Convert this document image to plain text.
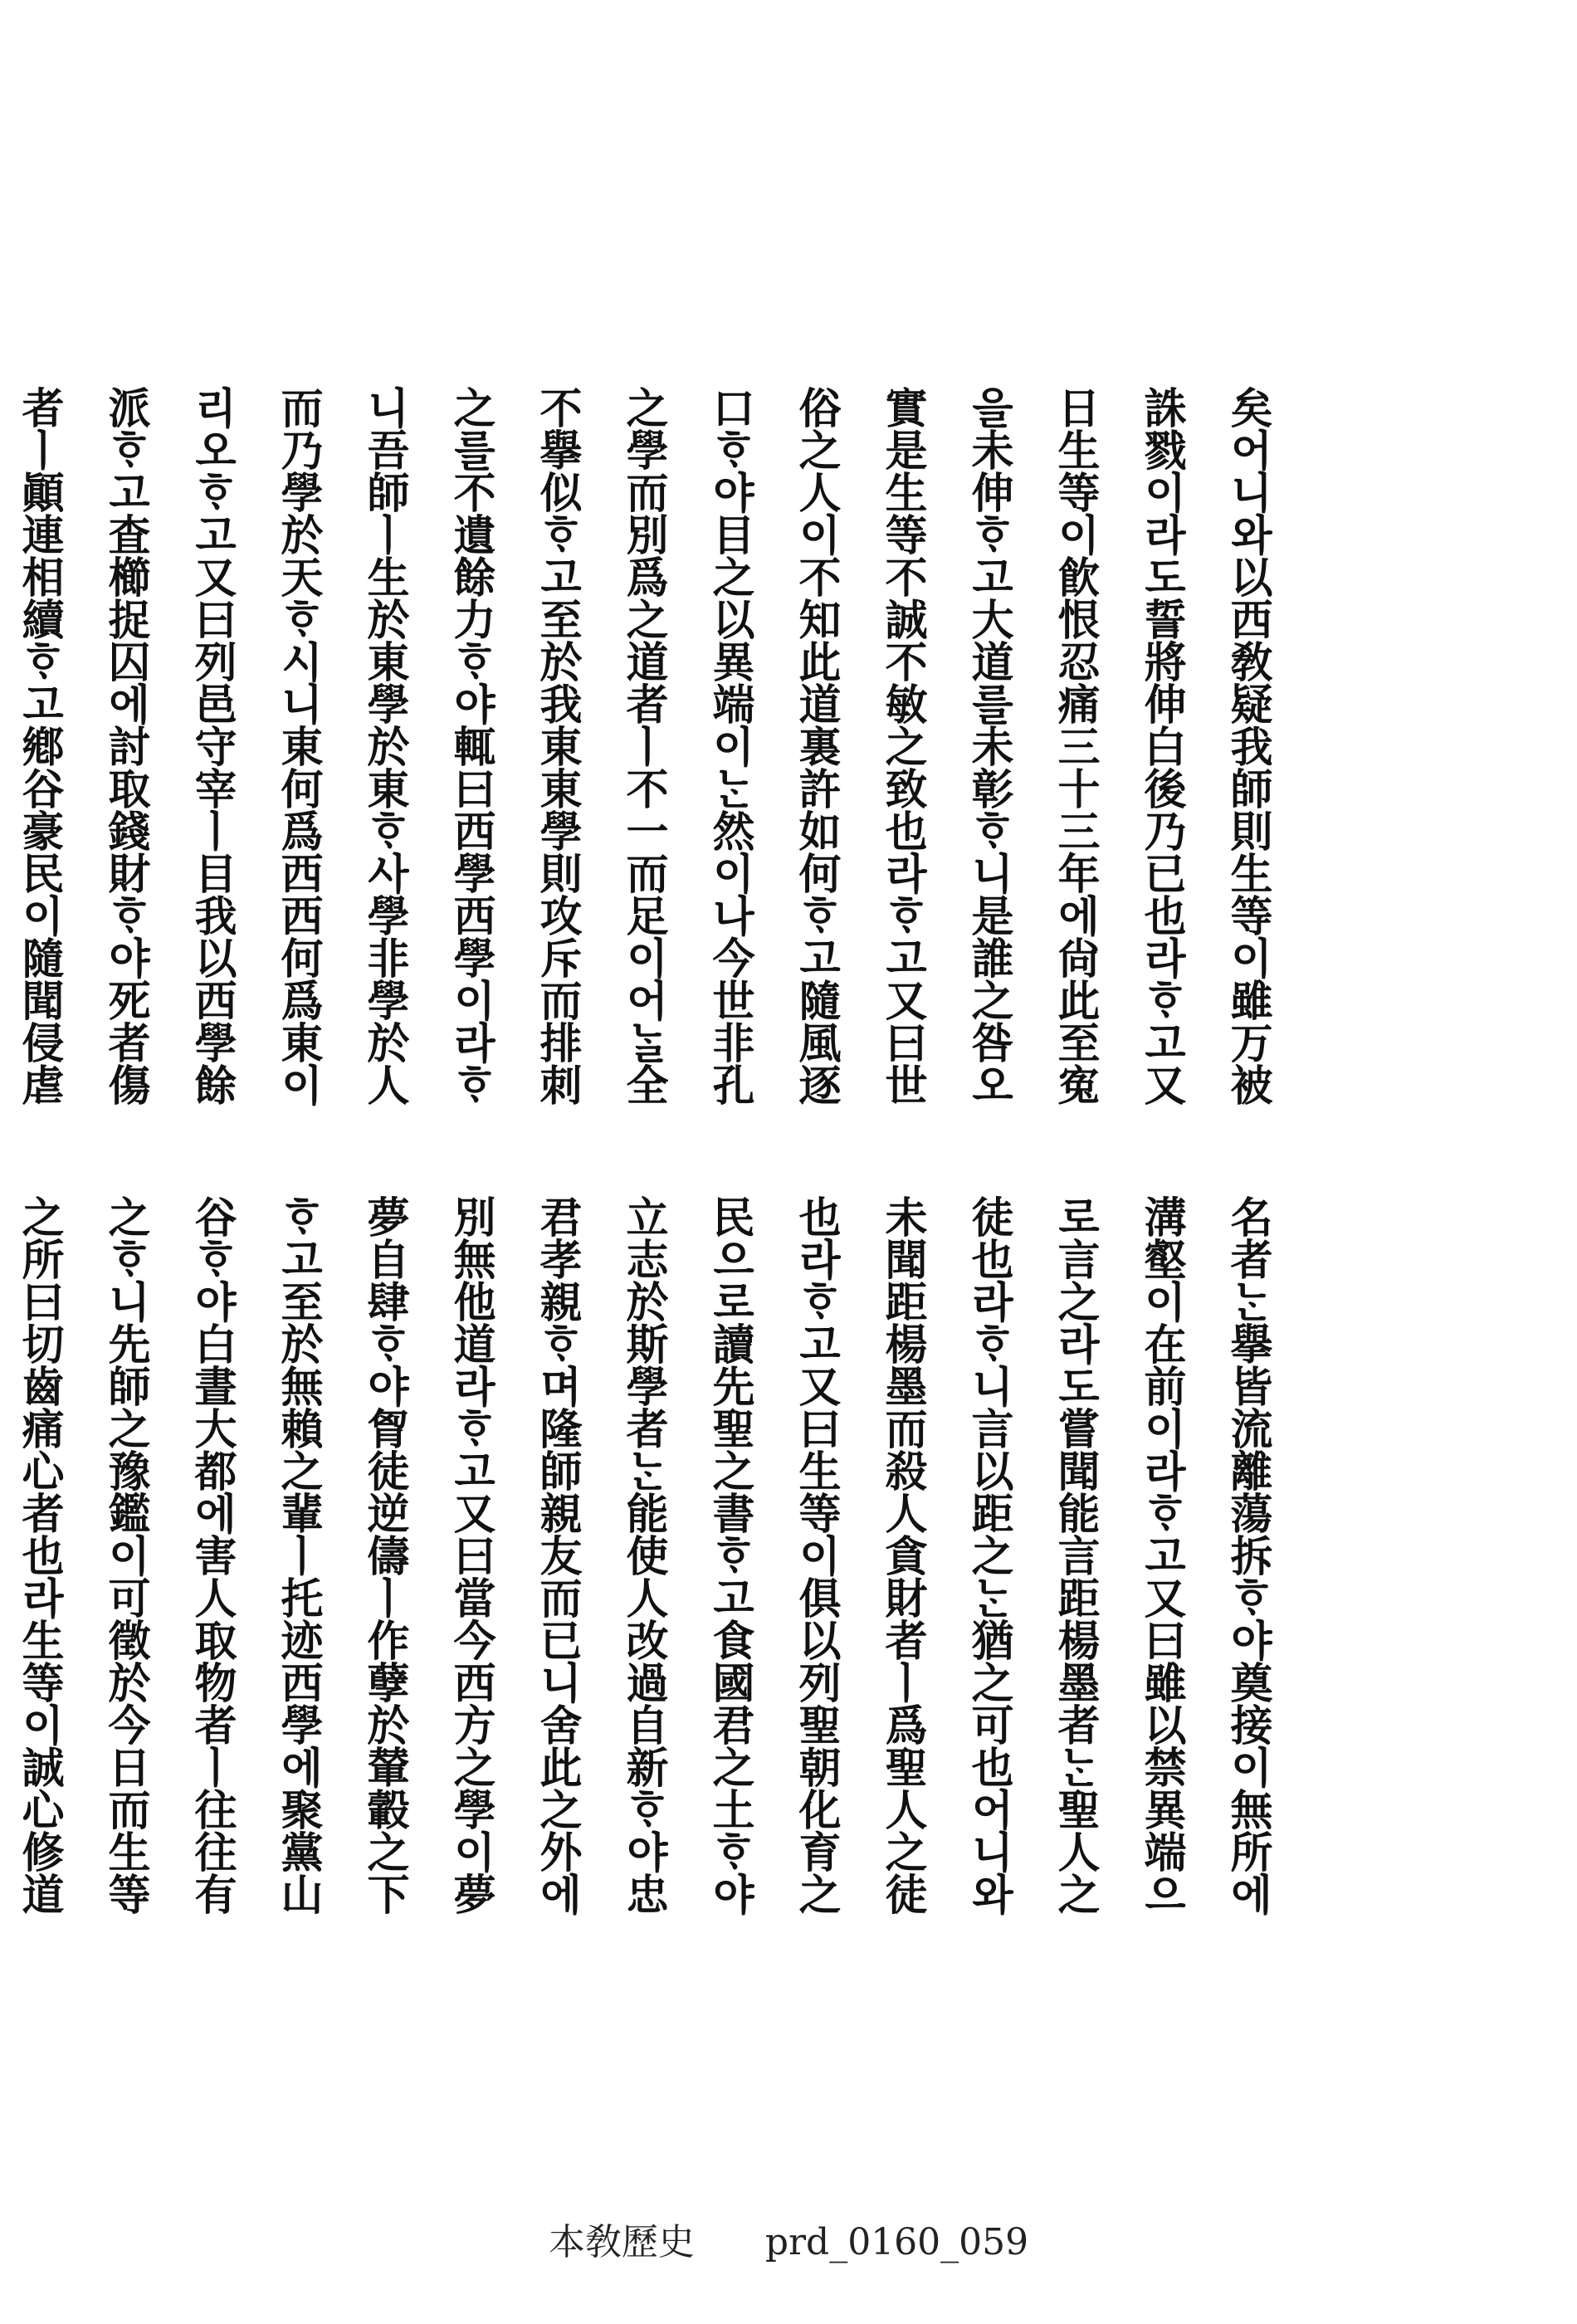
矣어니와以西敎疑我師則生等이雖万被
誅戮이라도誓將伸白後乃已也라ᄒᆞ고又
日生等이飮恨忍痛三十三年에尙此至寃
을未伸ᄒᆞ고大道를未彰ᄒᆞ니是誰之咎오
實是生等不誠不敏之致也라ᄒᆞ고又曰世
俗之人이不知此道裏許如何ᄒᆞ고隨風逐
口ᄒᆞ야目之以異端이ᄂᆞᆫ然이나今世非孔
之學而別爲之道者ㅣ不一而足이어ᄂᆞᆯ全
不擧似ᄒᆞ고至於我東東學則攻斥而排刺
之를不遺餘力ᄒᆞ야輒曰西學西學이라ᄒᆞ
니吾師ㅣ生於東學於東ᄒᆞ사學非學於人
而乃學於天ᄒᆞ시니東何爲西西何爲東이
리오ᄒᆞ고又曰列邑守宰ㅣ目我以西學餘
派ᄒᆞ고査櫛捉囚에討取錢財ᄒᆞ야死者傷
者ㅣ顚連相續ᄒᆞ고鄕谷豪民이隨聞侵虐
名者ᄂᆞᆫ擧皆流離蕩拆ᄒᆞ야奠接이無所에
溝壑이在前이라ᄒᆞ고又曰雖以禁異端으
로言之라도嘗聞能言距楊墨者ᄂᆞᆫ聖人之
徒也라ᄒᆞ니言以距之ᄂᆞᆫ猶之可也어니와
未聞距楊墨而殺人貪財者ㅣ爲聖人之徒
也라ᄒᆞ고又曰生等이俱以列聖朝化育之
民으로讀先聖之書ᄒᆞ고食國君之土ᄒᆞ야
立志於斯學者ᄂᆞᆫ能使人改過自新ᄒᆞ야忠
君孝親ᄒᆞ며隆師親友而已니舍此之外에
別無他道라ᄒᆞ고又曰當今西方之學이夢
夢自肆ᄒᆞ야胷徒逆儔ㅣ作孽於輦轂之下
ᄒᆞ고至於無賴之輩ㅣ托迹西學에聚黨山
谷ᄒᆞ야白晝大都에害人取物者ㅣ往往有
之ᄒᆞ니先師之豫鑑이可徵於今日而生等
之所曰切齒痛心者也라生等이誠心修道
本敎歷史 prd_0160_059
